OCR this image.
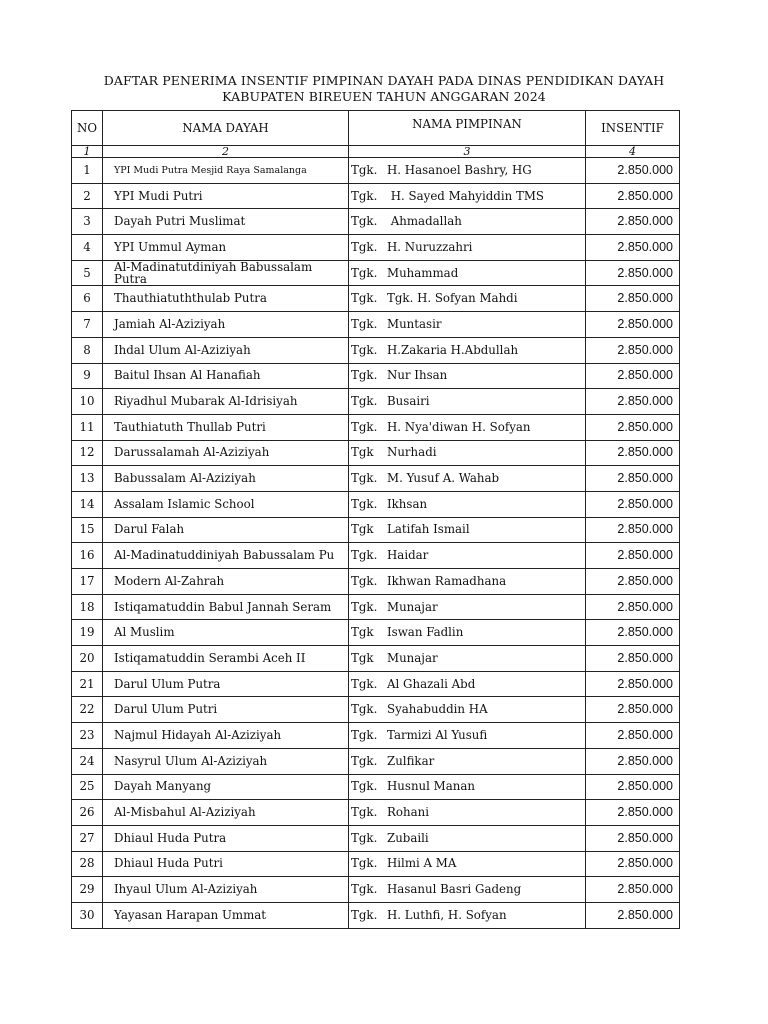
DAFTAR PENERIMA INSENTIF PIMPINAN DAYAH PADA DINAS PENDIDIKAN DAYAH
KABUPATEN BIREUEN TAHUN ANGGARAN 2024
NO	NAMA DAYAH	NAMA PIMPINAN	INSENTIF
1	2	3	4
1	YPI Mudi Putra Mesjid Raya Samalanga	Tgk. H. Hasanoel Bashry, HG	2.850.000
2	YPI Mudi Putri	Tgk. H. Sayed Mahyiddin TMS	2.850.000
3	Dayah Putri Muslimat	Tgk. Ahmadallah	2.850.000
4	YPI Ummul Ayman	Tgk. H. Nuruzzahri	2.850.000
5	Al-Madinatutdiniyah Babussalam Putra	Tgk. Muhammad	2.850.000
6	Thauthiatuththulab Putra	Tgk. Tgk. H. Sofyan Mahdi	2.850.000
7	Jamiah Al-Aziziyah	Tgk. Muntasir	2.850.000
8	Ihdal Ulum Al-Aziziyah	Tgk. H.Zakaria H.Abdullah	2.850.000
9	Baitul Ihsan Al Hanafiah	Tgk. Nur Ihsan	2.850.000
10	Riyadhul Mubarak Al-Idrisiyah	Tgk. Busairi	2.850.000
11	Tauthiatuth Thullab Putri	Tgk. H. Nya'diwan H. Sofyan	2.850.000
12	Darussalamah Al-Aziziyah	Tgk Nurhadi	2.850.000
13	Babussalam Al-Aziziyah	Tgk. M. Yusuf A. Wahab	2.850.000
14	Assalam Islamic School	Tgk. Ikhsan	2.850.000
15	Darul Falah	Tgk Latifah Ismail	2.850.000
16	Al-Madinatuddiniyah Babussalam Pu	Tgk. Haidar	2.850.000
17	Modern Al-Zahrah	Tgk. Ikhwan Ramadhana	2.850.000
18	Istiqamatuddin Babul Jannah Seram	Tgk. Munajar	2.850.000
19	Al Muslim	Tgk Iswan Fadlin	2.850.000
20	Istiqamatuddin Serambi Aceh II	Tgk Munajar	2.850.000
21	Darul Ulum Putra	Tgk. Al Ghazali Abd	2.850.000
22	Darul Ulum Putri	Tgk. Syahabuddin HA	2.850.000
23	Najmul Hidayah Al-Aziziyah	Tgk. Tarmizi Al Yusufi	2.850.000
24	Nasyrul Ulum Al-Aziziyah	Tgk. Zulfikar	2.850.000
25	Dayah Manyang	Tgk. Husnul Manan	2.850.000
26	Al-Misbahul Al-Aziziyah	Tgk. Rohani	2.850.000
27	Dhiaul Huda Putra	Tgk. Zubaili	2.850.000
28	Dhiaul Huda Putri	Tgk. Hilmi A MA	2.850.000
29	Ihyaul Ulum Al-Aziziyah	Tgk. Hasanul Basri Gadeng	2.850.000
30	Yayasan Harapan Ummat	Tgk. H. Luthfi, H. Sofyan	2.850.000
